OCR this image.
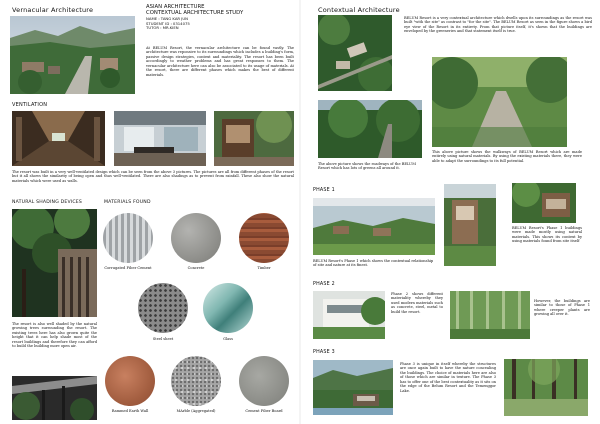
Vernacular Architecture	ASIAN ARCHITECTURE
CONTEXTUAL ARCHITECTURE STUDY
NAME : TANG KAR JUN
STUDENT ID : 0314075
TUTOR : MR.KIEN
At BELUM Resort, the vernacular architecture can be found vastly. The architecture was reponsive to its surroundings which includes a building's form, passive design strategies, context and materiality. The resort has been built accordingly to weather problems and has great responses to them. The vernacular architecture here can also be associated to its usage of materials. At the resort, there are different phases which makes the best of different materials.
VENTILATION
The resort was built in a very well-ventilated design which can be seen from the above 3 pictures. The pictures are all from different phases of the resort but it all shows the similarity of being open and thus well-ventilated. There are also shadings as to prevent from rainfall. These also show the natural materials which were used as walls.
NATURAL SHADING DEVICES
The resort is also well shaded by the natural growing trees surrounding the resort. The existing trees here has also grown quite the height that it can help shade most of the resort buildings and therefore they can afford to build the building more open air.
MATERIALS FOUND
Corrugated Fiber Cement	Concrete	Timber
Steel sheet	Glass
Rammed Earth Wall	MArble (Aggregated)	Cement Fiber Board
Contextual Architecture
BELUM Resort is a very contextual architecture which dwells upon its surroundings as the resort was built "with the site" as contrast to "for the site". The BELUM Resort as seen in the figure shows a bird eye view of the Resort in its entirety. From that picture itself, it's shown that the buildings are enveloped by the greeneries and that statement itself is true.
The above picture shows the roadways of the BELUM Resort which has lots of greens all around it.
This above picture shows the walkways of BELUM Resort which are made entirely using natural materials. By using the existing materials there, they were able to adapt the surroundings to its full potential.
PHASE 1
BELUM Resort's Phase 1 which shows the contextual relationship of site and nature at its finest.
BELUM Resort's Phase 1 buildings were made mostly using natural materials. This shows its context by using materials found from site itself
PHASE 2
Phase 2 shows different materiality whereby they used modern materials such as concrete, steel, metal to build the resort.
However, the buildings are similar to those of Phase 1 where creeper plants are growing all over it.
PHASE 3
Phase 3 is unique in itself whereby the structures are once again built to have the nature concealing the buildings. The choice of materials here are also of those which are similar in texture. The Phase 3 has to offer one of the best contextuality as it sits on the edge of the Belum Resort and the Temenggor Lake.
